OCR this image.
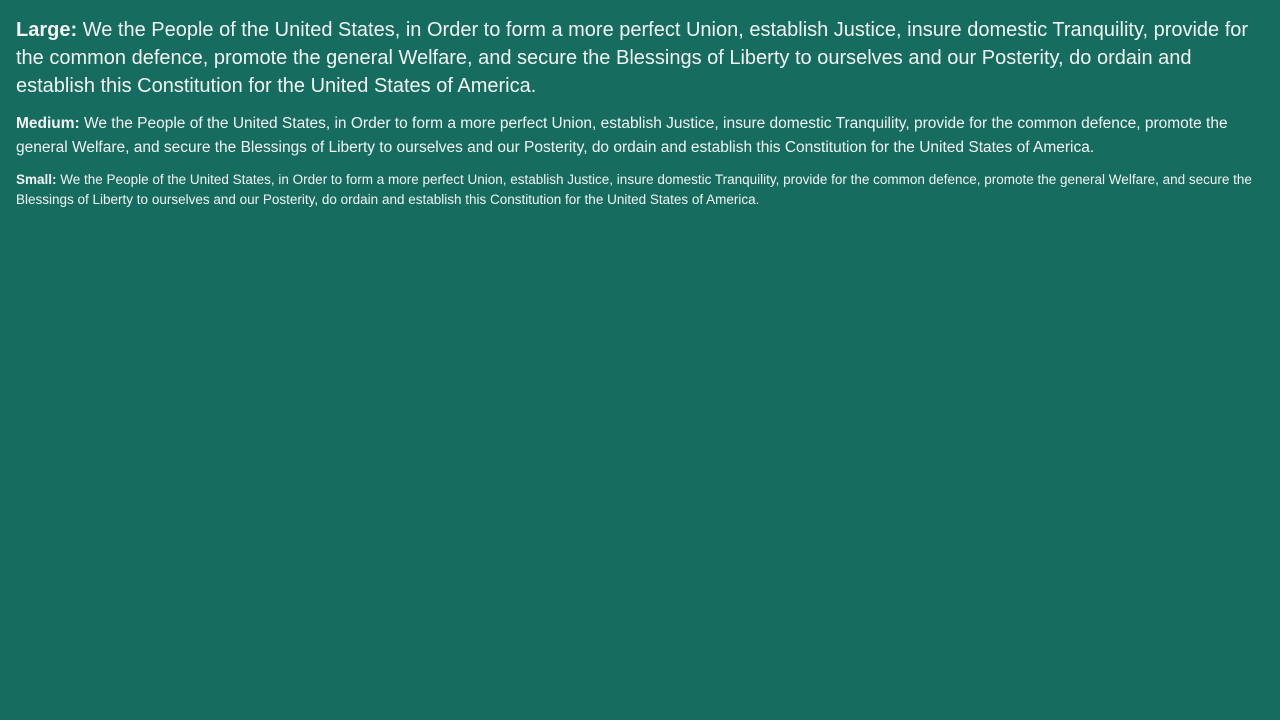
Large: We the People of the United States, in Order to form a more perfect Union, establish Justice, insure domestic Tranquility, provide for the common defence, promote the general Welfare, and secure the Blessings of Liberty to ourselves and our Posterity, do ordain and establish this Constitution for the United States of America.

Medium: We the People of the United States, in Order to form a more perfect Union, establish Justice, insure domestic Tranquility, provide for the common defence, promote the general Welfare, and secure the Blessings of Liberty to ourselves and our Posterity, do ordain and establish this Constitution for the United States of America.

Small: We the People of the United States, in Order to form a more perfect Union, establish Justice, insure domestic Tranquility, provide for the common defence, promote the general Welfare, and secure the Blessings of Liberty to ourselves and our Posterity, do ordain and establish this Constitution for the United States of America.
